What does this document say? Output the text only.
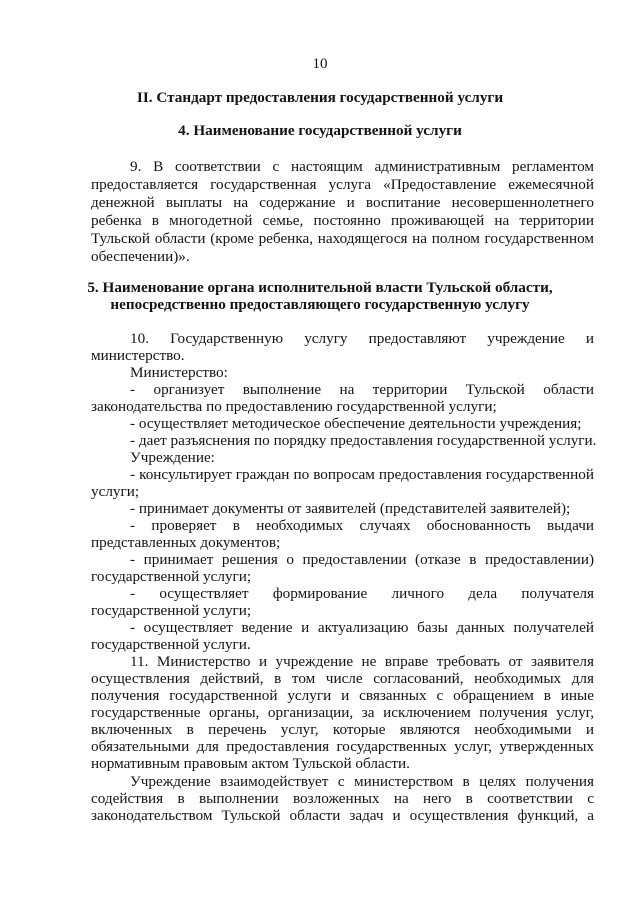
10
II. Стандарт предоставления государственной услуги
4. Наименование государственной услуги
9. В соответствии с настоящим административным регламентом
предоставляется государственная услуга «Предоставление ежемесячной
денежной выплаты на содержание и воспитание несовершеннолетнего
ребенка в многодетной семье, постоянно проживающей на территории
Тульской области (кроме ребенка, находящегося на полном государственном
обеспечении)».
5. Наименование органа исполнительной власти Тульской области,
непосредственно предоставляющего государственную услугу
10. Государственную услугу предоставляют учреждение и
министерство.
Министерство:
- организует выполнение на территории Тульской области
законодательства по предоставлению государственной услуги;
- осуществляет методическое обеспечение деятельности учреждения;
- дает разъяснения по порядку предоставления государственной услуги.
Учреждение:
- консультирует граждан по вопросам предоставления государственной
услуги;
- принимает документы от заявителей (представителей заявителей);
- проверяет в необходимых случаях обоснованность выдачи
представленных документов;
- принимает решения о предоставлении (отказе в предоставлении)
государственной услуги;
- осуществляет формирование личного дела получателя
государственной услуги;
- осуществляет ведение и актуализацию базы данных получателей
государственной услуги.
11. Министерство и учреждение не вправе требовать от заявителя
осуществления действий, в том числе согласований, необходимых для
получения государственной услуги и связанных с обращением в иные
государственные органы, организации, за исключением получения услуг,
включенных в перечень услуг, которые являются необходимыми и
обязательными для предоставления государственных услуг, утвержденных
нормативным правовым актом Тульской области.
Учреждение взаимодействует с министерством в целях получения
содействия в выполнении возложенных на него в соответствии с
законодательством Тульской области задач и осуществления функций, а
